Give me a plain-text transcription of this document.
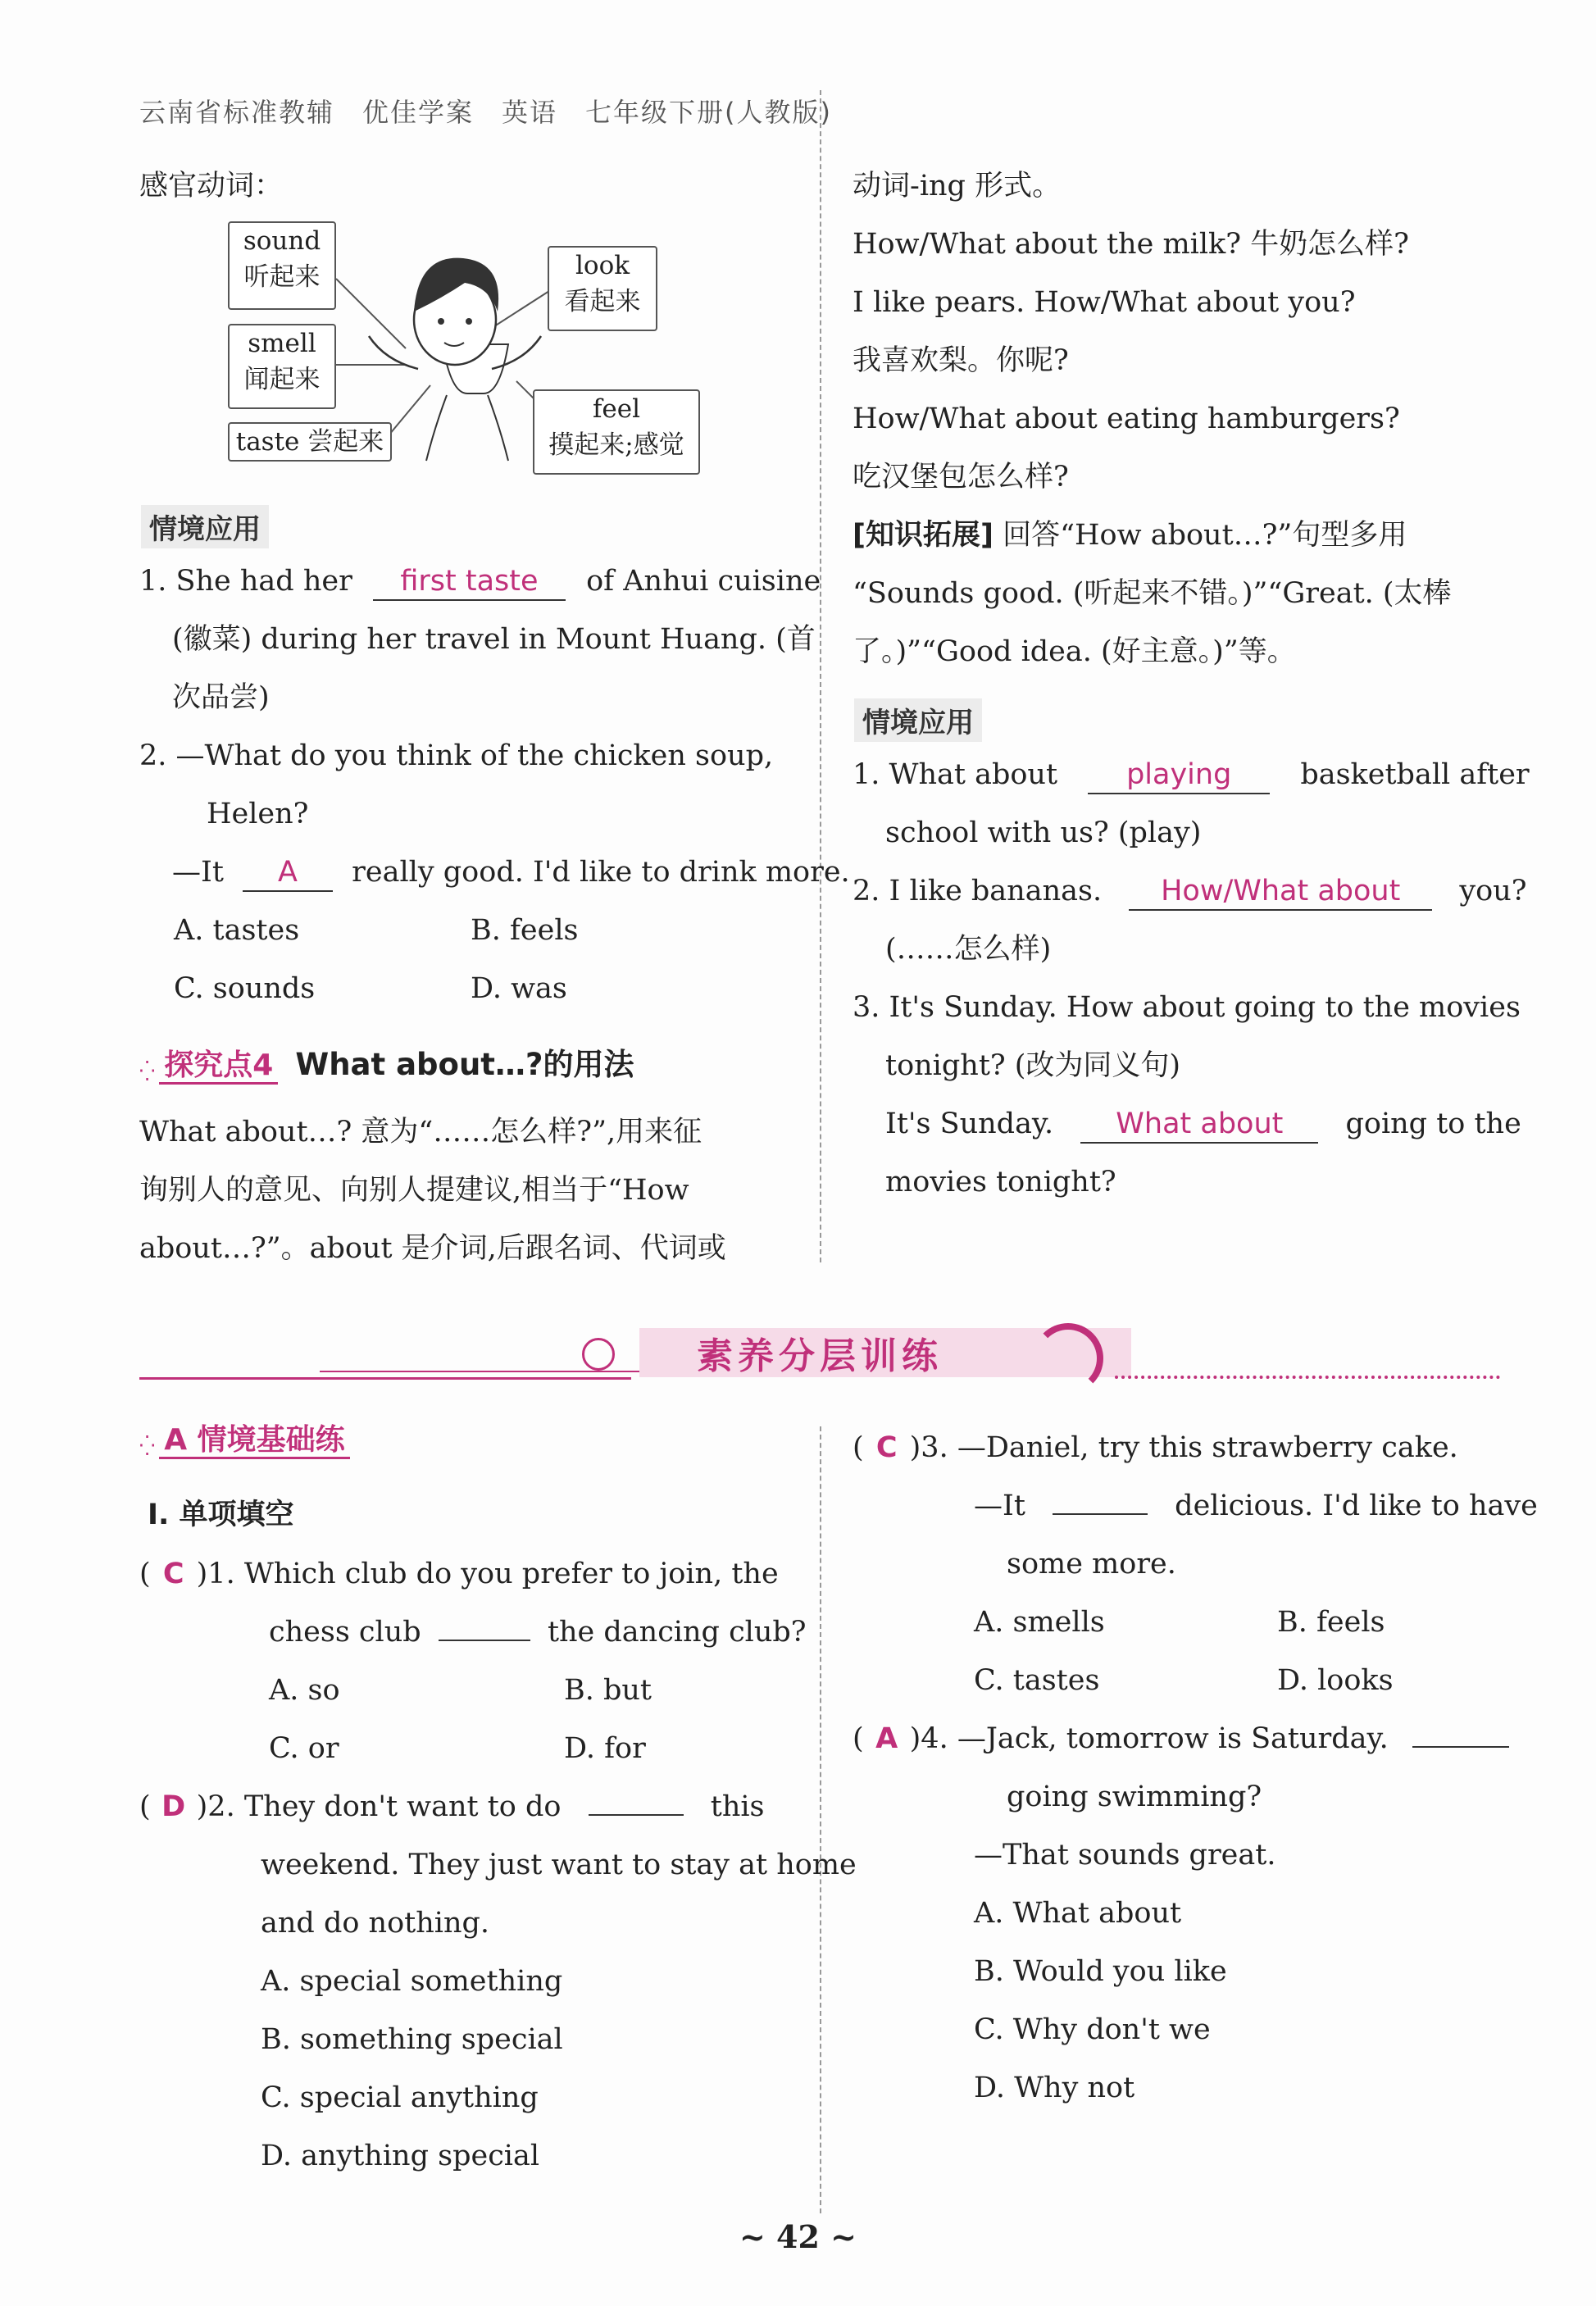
云南省标准教辅　优佳学案　英语　七年级下册(人教版)
感官动词：
sound
听起来
smell
闻起来
taste 尝起来
look
看起来
feel
摸起来;感觉
情境应用
1. She had her first taste of Anhui cuisine
(徽菜) during her travel in Mount Huang. (首
次品尝)
2. —What do you think of the chicken soup,
Helen?
—It A really good. I'd like to drink more.
A. tastes	B. feels
C. sounds	D. was
⁛ 探究点4 What about…?的用法
What about…? 意为“……怎么样?”,用来征
询别人的意见、向别人提建议,相当于“How
about…?”。about 是介词,后跟名词、代词或
动词-ing 形式。
How/What about the milk? 牛奶怎么样?
I like pears. How/What about you?
我喜欢梨。你呢?
How/What about eating hamburgers?
吃汉堡包怎么样?
[知识拓展] 回答“How about…?”句型多用
“Sounds good. (听起来不错。)”“Great. (太棒
了。)”“Good idea. (好主意。)”等。
情境应用
1. What about playing basketball after
school with us? (play)
2. I like bananas. How/What about you?
(……怎么样)
3. It's Sunday. How about going to the movies
tonight? (改为同义句)
It's Sunday. What about going to the
movies tonight?
素养分层训练
⁛ A 情境基础练
Ⅰ. 单项填空
( C )1. Which club do you prefer to join, the
chess club	the dancing club?
A. so	B. but
C. or	D. for
( D )2. They don't want to do	this
weekend. They just want to stay at home
and do nothing.
A. special something
B. something special
C. special anything
D. anything special
( C )3. —Daniel, try this strawberry cake.
—It	delicious. I'd like to have
some more.
A. smells	B. feels
C. tastes	D. looks
( A )4. —Jack, tomorrow is Saturday.
going swimming?
—That sounds great.
A. What about
B. Would you like
C. Why don't we
D. Why not
~ 42 ~
